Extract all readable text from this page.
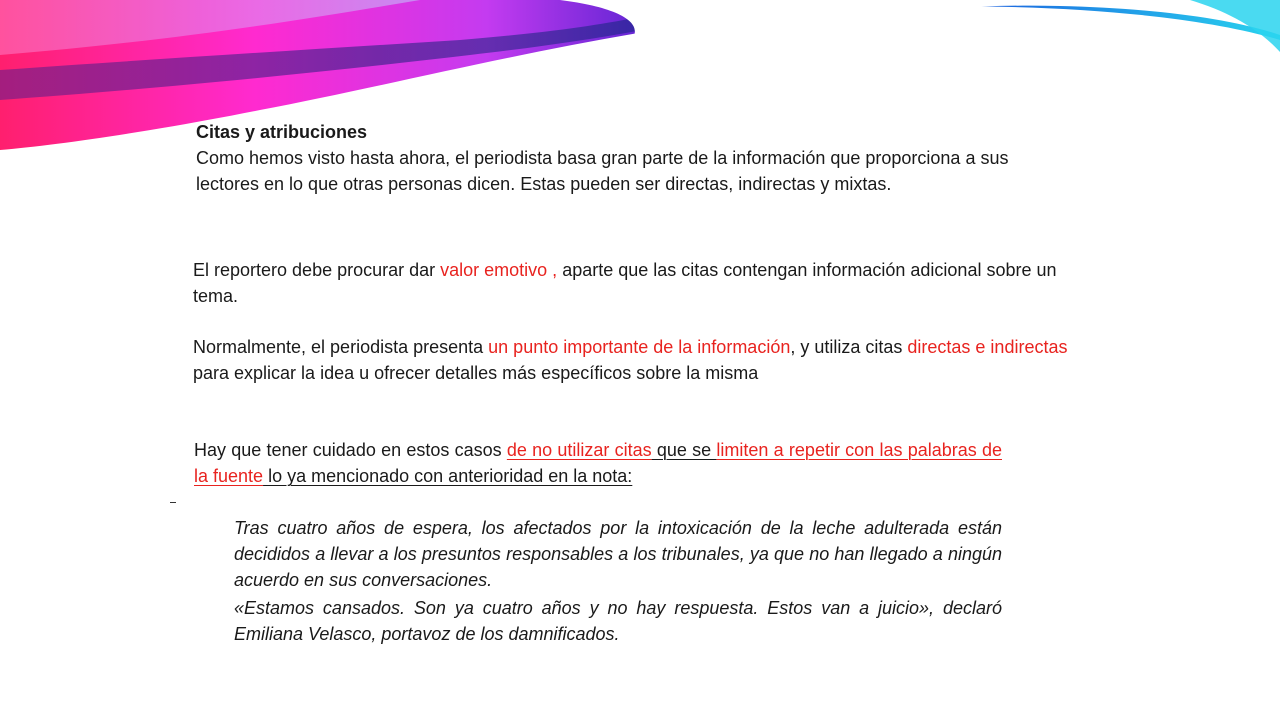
Citas y atribuciones
Como hemos visto hasta ahora, el periodista basa gran parte de la información que proporciona a sus lectores en lo que otras personas dicen. Estas pueden ser directas, indirectas y mixtas.
El reportero debe procurar dar valor emotivo , aparte que las citas contengan información adicional sobre un tema.
Normalmente, el periodista presenta un punto importante de la información, y utiliza citas directas e indirectas para explicar la idea u ofrecer detalles más específicos sobre la misma
Hay que tener cuidado en estos casos de no utilizar citas que se limiten a repetir con las palabras de la fuente lo ya mencionado con anterioridad en la nota:

Tras cuatro años de espera, los afectados por la intoxicación de la leche adulterada están decididos a llevar a los presuntos responsables a los tribunales, ya que no han llegado a ningún acuerdo en sus conversaciones.

«Estamos cansados. Son ya cuatro años y no hay respuesta. Estos van a juicio», declaró Emiliana Velasco, portavoz de los damnificados.
